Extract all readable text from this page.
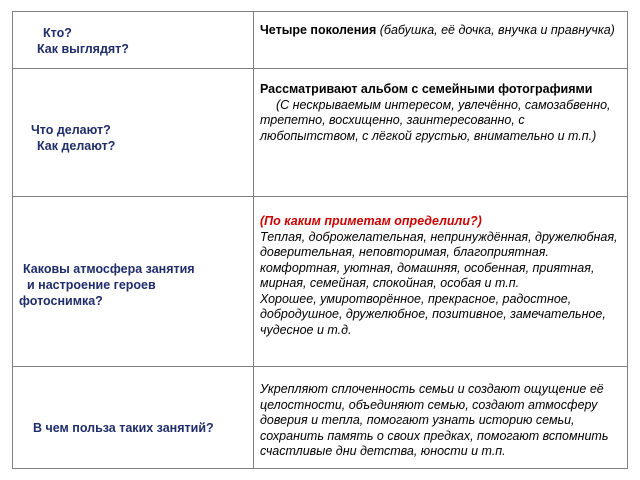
Кто?
Как выглядят?
Четыре поколения (бабушка, её дочка, внучка и правнучка)
Что делают?
Как делают?
Рассматривают альбом с семейными фотографиями
(С нескрываемым интересом, увлечённо, самозабвенно, трепетно, восхищенно, заинтересованно, с любопытством, с лёгкой грустью, внимательно и т.п.)
Каковы атмосфера занятия
и настроение героев
фотоснимка?
(По каким приметам определили?)
Теплая, доброжелательная, непринуждённая, дружелюбная, доверительная, неповторимая, благоприятная. комфортная, уютная, домашняя, особенная, приятная, мирная, семейная, спокойная, особая и т.п.
Хорошее, умиротворённое, прекрасное, радостное, добродушное, дружелюбное, позитивное, замечательное, чудесное и т.д.
В чем польза таких занятий?
Укрепляют сплоченность семьи и создают ощущение её целостности, объединяют семью, создают атмосферу доверия и тепла, помогают узнать историю семьи, сохранить память о своих предках, помогают вспомнить счастливые дни детства, юности и т.п.
